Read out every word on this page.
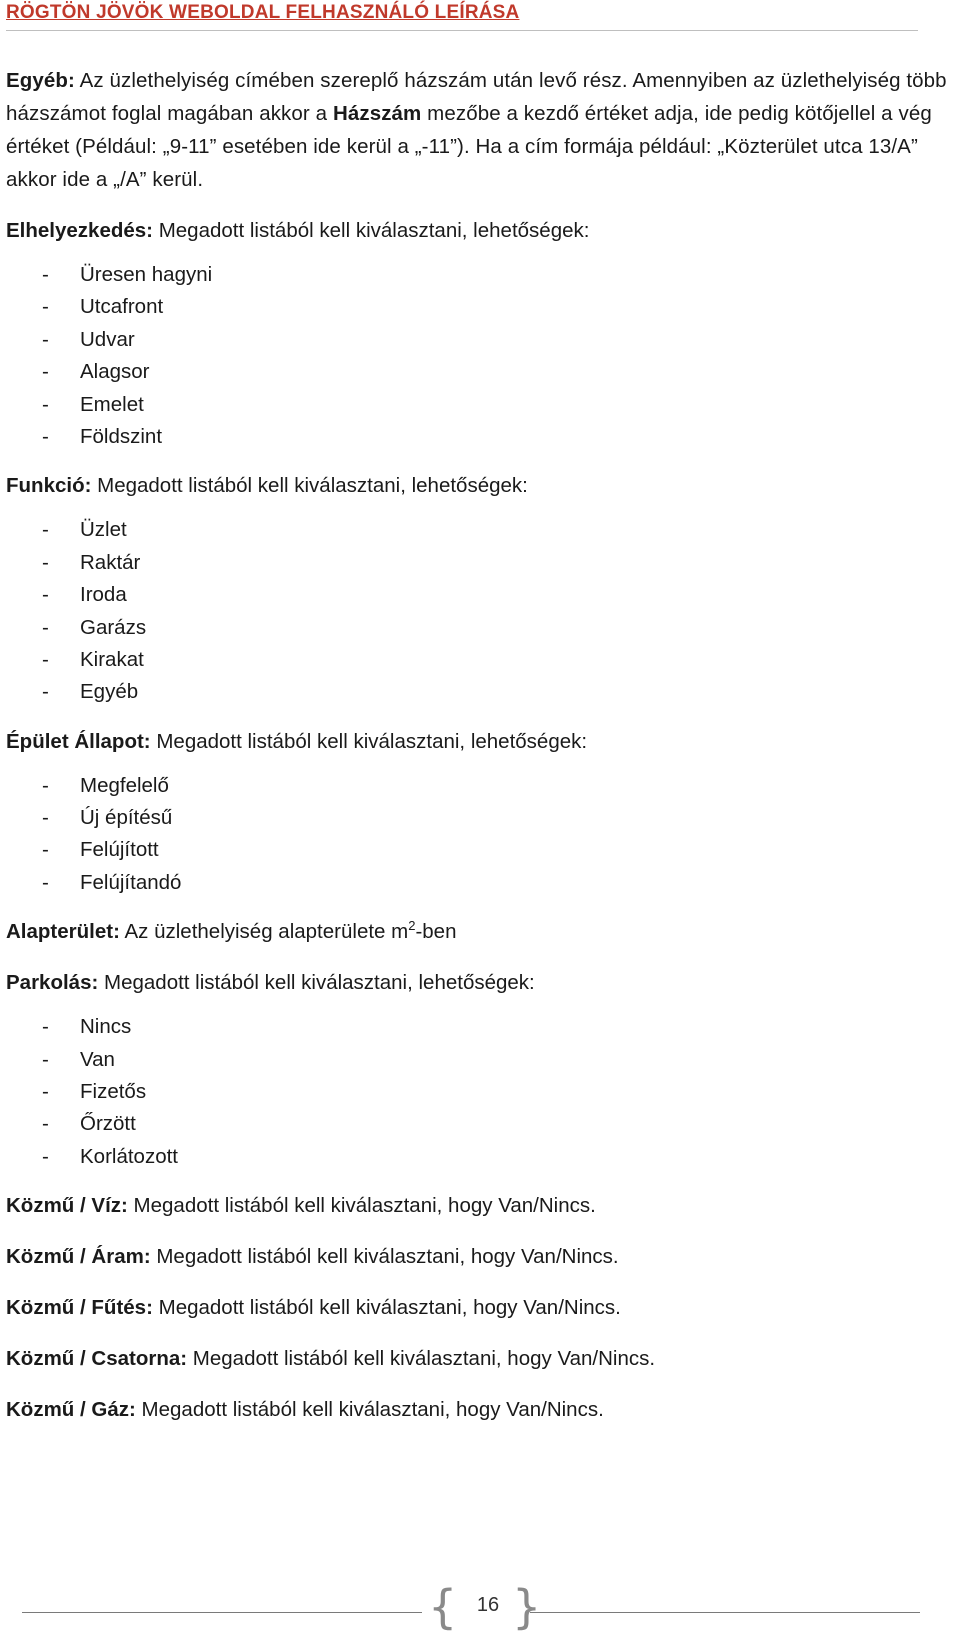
RÖGTÖN JÖVÖK WEBOLDAL FELHASZNÁLÓ LEÍRÁSA

Egyéb: Az üzlethelyiség címében szereplő házszám után levő rész. Amennyiben az üzlethelyiség több házszámot foglal magában akkor a Házszám mezőbe a kezdő értéket adja, ide pedig kötőjellel a vég értéket (Például: „9-11” esetében ide kerül a „-11”). Ha a cím formája például: „Közterület utca 13/A” akkor ide a „/A” kerül.

Elhelyezkedés: Megadott listából kell kiválasztani, lehetőségek:

- Üresen hagyni
- Utcafront
- Udvar
- Alagsor
- Emelet
- Földszint

Funkció: Megadott listából kell kiválasztani, lehetőségek:

- Üzlet
- Raktár
- Iroda
- Garázs
- Kirakat
- Egyéb

Épület Állapot: Megadott listából kell kiválasztani, lehetőségek:

- Megfelelő
- Új építésű
- Felújított
- Felújítandó

Alapterület: Az üzlethelyiség alapterülete $m^2$-ben

Parkolás: Megadott listából kell kiválasztani, lehetőségek:

- Nincs
- Van
- Fizetős
- Őrzött
- Korlátozott

Közmű / Víz: Megadott listából kell kiválasztani, hogy Van/Nincs.

Közmű / Áram: Megadott listából kell kiválasztani, hogy Van/Nincs.

Közmű / Fűtés: Megadott listából kell kiválasztani, hogy Van/Nincs.

Közmű / Csatorna: Megadott listából kell kiválasztani, hogy Van/Nincs.

Közmű / Gáz: Megadott listából kell kiválasztani, hogy Van/Nincs.

{ 16 }
